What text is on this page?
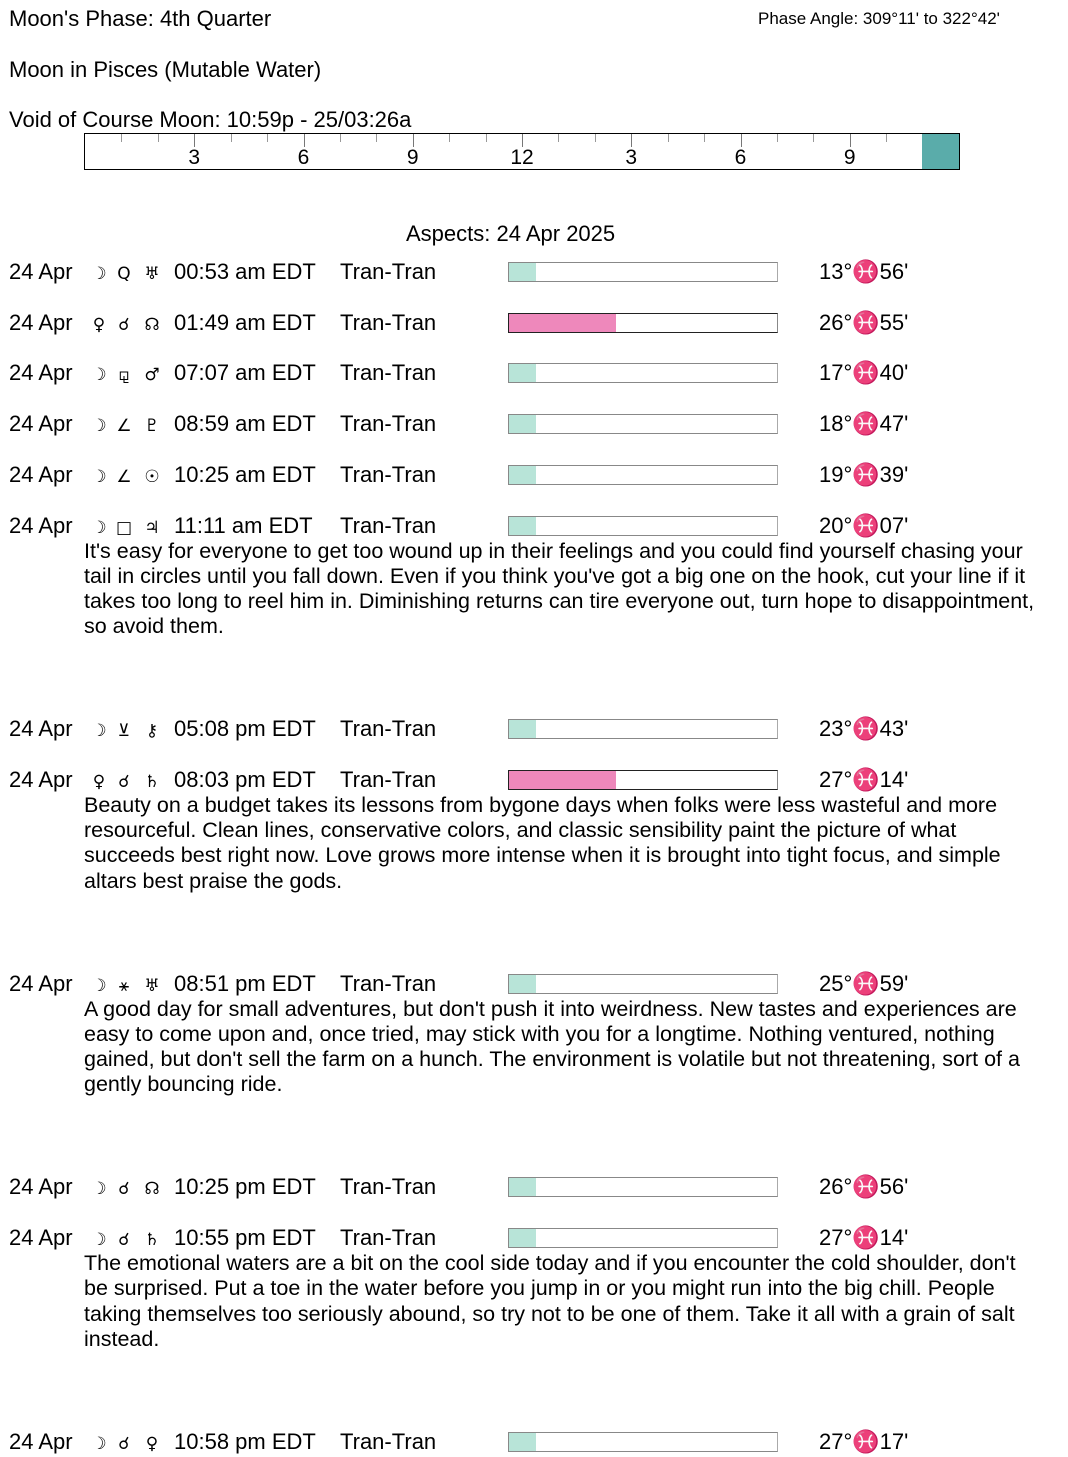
Moon's Phase: 4th Quarter	Phase Angle: 309°11' to 322°42'
Moon in Pisces (Mutable Water)
Void of Course Moon: 10:59p - 25/03:26a
3	6	9	12	3	6	9
Aspects: 24 Apr 2025
24 Apr ☽ Q ♅ 00:53 am EDT Tran-Tran	13°♓56'
24 Apr ♀ ☌ ☊ 01:49 am EDT Tran-Tran	26°♓55'
24 Apr ☽ ⚼ ♂ 07:07 am EDT Tran-Tran	17°♓40'
24 Apr ☽ ∠ ♇ 08:59 am EDT Tran-Tran	18°♓47'
24 Apr ☽ ∠ ☉ 10:25 am EDT Tran-Tran	19°♓39'
24 Apr ☽ □ ♃ 11:11 am EDT Tran-Tran	20°♓07'
It's easy for everyone to get too wound up in their feelings and you could find yourself chasing your tail in circles until you fall down. Even if you think you've got a big one on the hook, cut your line if it takes too long to reel him in. Diminishing returns can tire everyone out, turn hope to disappointment, so avoid them.
24 Apr ☽ ⊻ ⚷ 05:08 pm EDT Tran-Tran	23°♓43'
24 Apr ♀ ☌ ♄ 08:03 pm EDT Tran-Tran	27°♓14'
Beauty on a budget takes its lessons from bygone days when folks were less wasteful and more resourceful. Clean lines, conservative colors, and classic sensibility paint the picture of what succeeds best right now. Love grows more intense when it is brought into tight focus, and simple altars best praise the gods.
24 Apr ☽ ⚹ ♅ 08:51 pm EDT Tran-Tran	25°♓59'
A good day for small adventures, but don't push it into weirdness. New tastes and experiences are easy to come upon and, once tried, may stick with you for a longtime. Nothing ventured, nothing gained, but don't sell the farm on a hunch. The environment is volatile but not threatening, sort of a gently bouncing ride.
24 Apr ☽ ☌ ☊ 10:25 pm EDT Tran-Tran	26°♓56'
24 Apr ☽ ☌ ♄ 10:55 pm EDT Tran-Tran	27°♓14'
The emotional waters are a bit on the cool side today and if you encounter the cold shoulder, don't be surprised. Put a toe in the water before you jump in or you might run into the big chill. People taking themselves too seriously abound, so try not to be one of them. Take it all with a grain of salt instead.
24 Apr ☽ ☌ ♀ 10:58 pm EDT Tran-Tran	27°♓17'
